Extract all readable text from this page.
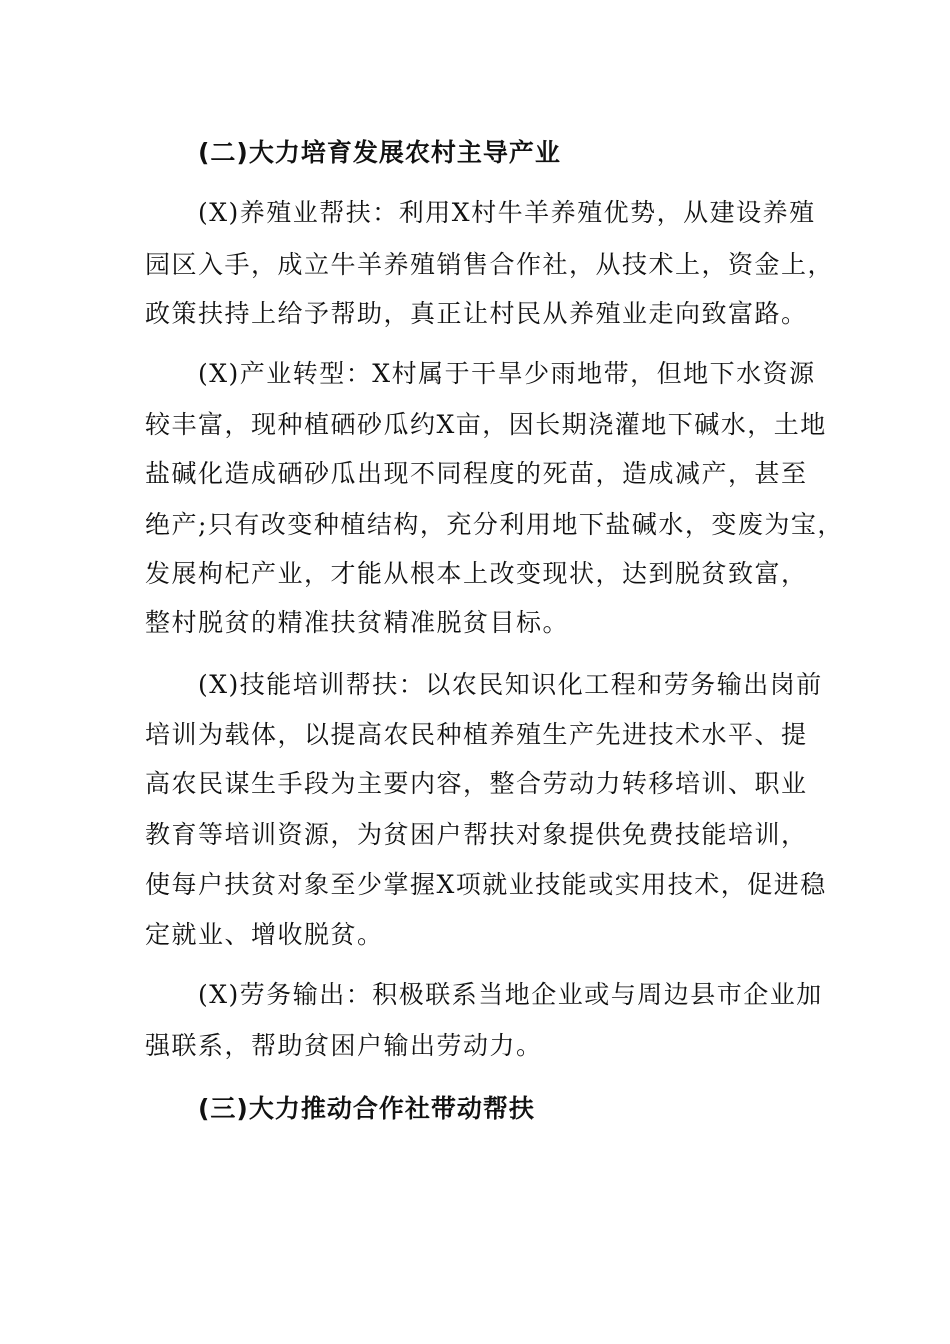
(二)大力培育发展农村主导产业
(X)养殖业帮扶：利用X村牛羊养殖优势，从建设养殖
园区入手，成立牛羊养殖销售合作社，从技术上，资金上，
政策扶持上给予帮助，真正让村民从养殖业走向致富路。
(X)产业转型：X村属于干旱少雨地带，但地下水资源
较丰富，现种植硒砂瓜约X亩，因长期浇灌地下碱水，土地
盐碱化造成硒砂瓜出现不同程度的死苗，造成减产，甚至
绝产;只有改变种植结构，充分利用地下盐碱水，变废为宝，
发展枸杞产业，才能从根本上改变现状，达到脱贫致富，
整村脱贫的精准扶贫精准脱贫目标。
(X)技能培训帮扶：以农民知识化工程和劳务输出岗前
培训为载体，以提高农民种植养殖生产先进技术水平、提
高农民谋生手段为主要内容，整合劳动力转移培训、职业
教育等培训资源，为贫困户帮扶对象提供免费技能培训，
使每户扶贫对象至少掌握X项就业技能或实用技术，促进稳
定就业、增收脱贫。
(X)劳务输出：积极联系当地企业或与周边县市企业加
强联系，帮助贫困户输出劳动力。
(三)大力推动合作社带动帮扶
